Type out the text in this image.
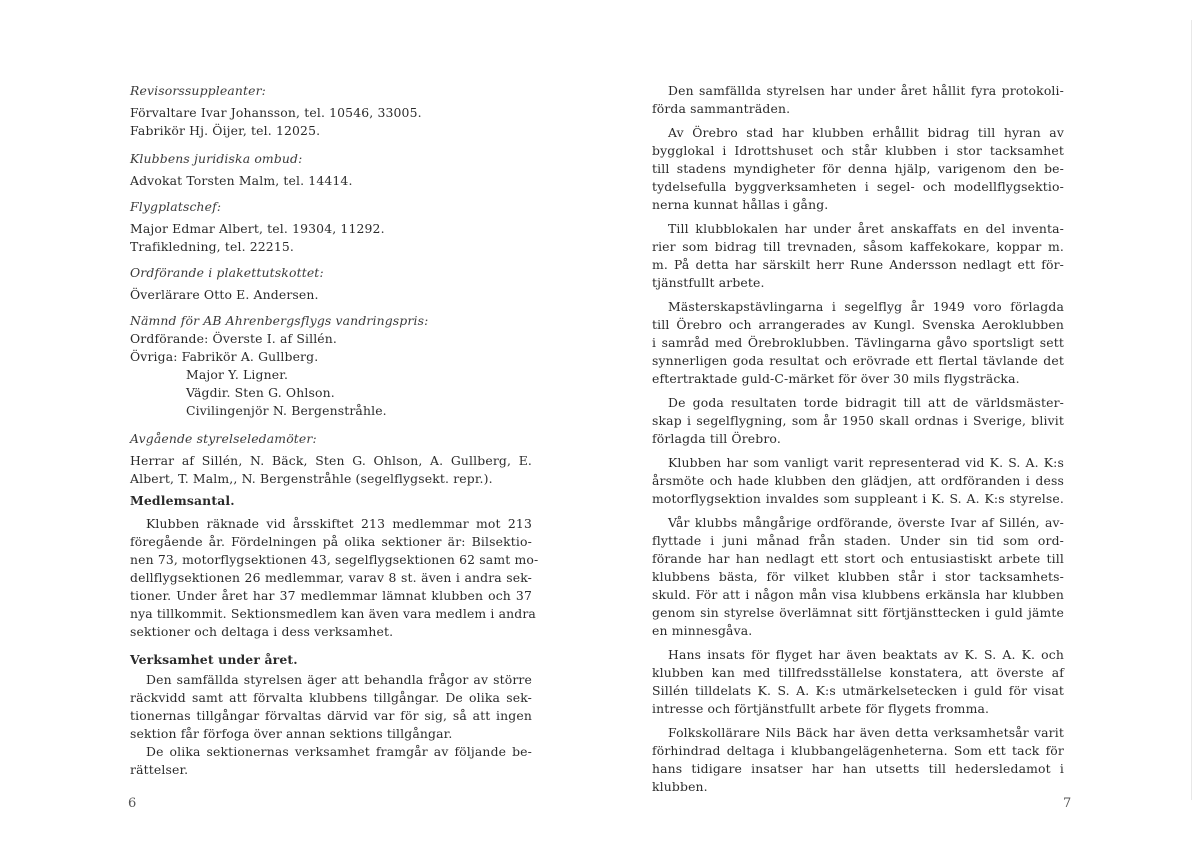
Revisorssuppleanter:
Förvaltare Ivar Johansson, tel. 10546, 33005.
Fabrikör Hj. Öijer, tel. 12025.
Klubbens juridiska ombud:
Advokat Torsten Malm, tel. 14414.
Flygplatschef:
Major Edmar Albert, tel. 19304, 11292.
Trafikledning, tel. 22215.
Ordförande i plakettutskottet:
Överlärare Otto E. Andersen.
Nämnd för AB Ahrenbergsflygs vandringspris:
Ordförande: Överste I. af Sillén.
Övriga: Fabrikör A. Gullberg.
Major Y. Ligner.
Vägdir. Sten G. Ohlson.
Civilingenjör N. Bergenstråhle.
Avgående styrelseledamöter:
Herrar af Sillén, N. Bäck, Sten G. Ohlson, A. Gullberg, E.
Albert, T. Malm,, N. Bergenstråhle (segelflygsekt. repr.).
Medlemsantal.
Klubben räknade vid årsskiftet 213 medlemmar mot 213
föregående år. Fördelningen på olika sektioner är: Bilsektio-
nen 73, motorflygsektionen 43, segelflygsektionen 62 samt mo-
dellflygsektionen 26 medlemmar, varav 8 st. även i andra sek-
tioner. Under året har 37 medlemmar lämnat klubben och 37
nya tillkommit. Sektionsmedlem kan även vara medlem i andra
sektioner och deltaga i dess verksamhet.
Verksamhet under året.
Den samfällda styrelsen äger att behandla frågor av större
räckvidd samt att förvalta klubbens tillgångar. De olika sek-
tionernas tillgångar förvaltas därvid var för sig, så att ingen
sektion får förfoga över annan sektions tillgångar.
De olika sektionernas verksamhet framgår av följande be-
rättelser.
Den samfällda styrelsen har under året hållit fyra protokoli-
förda sammanträden.
Av Örebro stad har klubben erhållit bidrag till hyran av
bygglokal i Idrottshuset och står klubben i stor tacksamhet
till stadens myndigheter för denna hjälp, varigenom den be-
tydelsefulla byggverksamheten i segel- och modellflygsektio-
nerna kunnat hållas i gång.
Till klubblokalen har under året anskaffats en del inventa-
rier som bidrag till trevnaden, såsom kaffekokare, koppar m.
m. På detta har särskilt herr Rune Andersson nedlagt ett för-
tjänstfullt arbete.
Mästerskapstävlingarna i segelflyg år 1949 voro förlagda
till Örebro och arrangerades av Kungl. Svenska Aeroklubben
i samråd med Örebroklubben. Tävlingarna gåvo sportsligt sett
synnerligen goda resultat och erövrade ett flertal tävlande det
eftertraktade guld-C-märket för över 30 mils flygsträcka.
De goda resultaten torde bidragit till att de världsmäster-
skap i segelflygning, som år 1950 skall ordnas i Sverige, blivit
förlagda till Örebro.
Klubben har som vanligt varit representerad vid K. S. A. K:s
årsmöte och hade klubben den glädjen, att ordföranden i dess
motorflygsektion invaldes som suppleant i K. S. A. K:s styrelse.
Vår klubbs mångårige ordförande, överste Ivar af Sillén, av-
flyttade i juni månad från staden. Under sin tid som ord-
förande har han nedlagt ett stort och entusiastiskt arbete till
klubbens bästa, för vilket klubben står i stor tacksamhets-
skuld. För att i någon mån visa klubbens erkänsla har klubben
genom sin styrelse överlämnat sitt förtjänsttecken i guld jämte
en minnesgåva.
Hans insats för flyget har även beaktats av K. S. A. K. och
klubben kan med tillfredsställelse konstatera, att överste af
Sillén tilldelats K. S. A. K:s utmärkelsetecken i guld för visat
intresse och förtjänstfullt arbete för flygets fromma.
Folkskollärare Nils Bäck har även detta verksamhetsår varit
förhindrad deltaga i klubbangelägenheterna. Som ett tack för
hans tidigare insatser har han utsetts till hedersledamot i
klubben.
6	7
